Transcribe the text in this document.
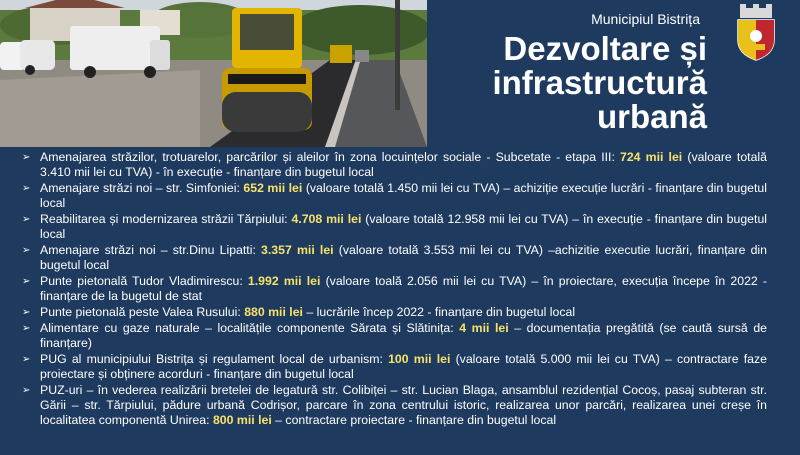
Municipiul Bistrița
Dezvoltare și
infrastructură
urbană
➢ Amenajarea străzilor, trotuarelor, parcărilor și aleilor în zona locuințelor sociale - Subcetate - etapa III: 724 mii lei (valoare totală 3.410 mii lei cu TVA) - în execuție - finanțare din bugetul local
➢ Amenajare străzi noi – str. Simfoniei: 652 mii lei (valoare totală 1.450 mii lei cu TVA) – achiziție execuție lucrări - finanțare din bugetul local
➢ Reabilitarea și modernizarea străzii Tărpiului: 4.708 mii lei (valoare totală 12.958 mii lei cu TVA) – în execuție - finanțare din bugetul local
➢ Amenajare străzi noi – str.Dinu Lipatti: 3.357 mii lei (valoare totală 3.553 mii lei cu TVA) –achizitie executie lucrări, finanțare din bugetul local
➢ Punte pietonală Tudor Vladimirescu: 1.992 mii lei (valoare toală 2.056 mii lei cu TVA) – în proiectare, execuția începe în 2022 - finanțare de la bugetul de stat
➢ Punte pietonală peste Valea Rusului: 880 mii lei – lucrările încep 2022 - finanțare din bugetul local
➢ Alimentare cu gaze naturale – localitățile componente Sărata și Slătinița: 4 mii lei – documentația pregătită (se caută sursă de finanțare)
➢ PUG al municipiului Bistrița și regulament local de urbanism: 100 mii lei (valoare totală 5.000 mii lei cu TVA) – contractare faze proiectare și obținere acorduri - finanțare din bugetul local
➢ PUZ-uri – în vederea realizării bretelei de legatură str. Colibiței – str. Lucian Blaga, ansamblul rezidențial Cocoș, pasaj subteran str. Gării – str. Tărpiului, pădure urbană Codrișor, parcare în zona centrului istoric, realizarea unor parcări, realizarea unei creșe în localitatea componentă Unirea: 800 mii lei – contractare proiectare - finanțare din bugetul local
